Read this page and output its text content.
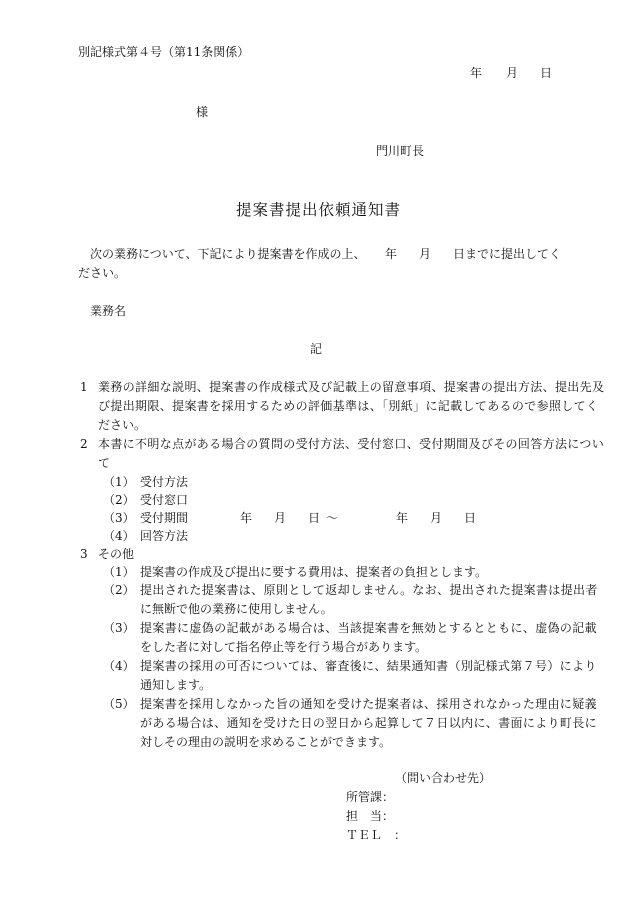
別記様式第４号（第11条関係）
年 月 日
様
門川町長
提案書提出依頼通知書
次の業務について、下記により提案書を作成の上、 年 月 日までに提出してく
ださい。
業務名
記
1 業務の詳細な説明、提案書の作成様式及び記載上の留意事項、提案書の提出方法、提出先及
び提出期限、提案書を採用するための評価基準は、「別紙」に記載してあるので参照してく
ださい。
2 本書に不明な点がある場合の質問の受付方法、受付窓口、受付期間及びその回答方法につい
て
（1） 受付方法
（2） 受付窓口
（3） 受付期間	年 月 日 〜	年 月 日
（4） 回答方法
3 その他
（1） 提案書の作成及び提出に要する費用は、提案者の負担とします。
（2） 提出された提案書は、原則として返却しません。なお、提出された提案書は提出者
に無断で他の業務に使用しません。
（3） 提案書に虚偽の記載がある場合は、当該提案書を無効とするとともに、虚偽の記載
をした者に対して指名停止等を行う場合があります。
（4） 提案書の採用の可否については、審査後に、結果通知書（別記様式第７号）により
通知します。
（5） 提案書を採用しなかった旨の通知を受けた提案者は、採用されなかった理由に疑義
がある場合は、通知を受けた日の翌日から起算して７日以内に、書面により町長に
対しその理由の説明を求めることができます。
（問い合わせ先）
所管課：
担　当：
ＴＥＬ　：
